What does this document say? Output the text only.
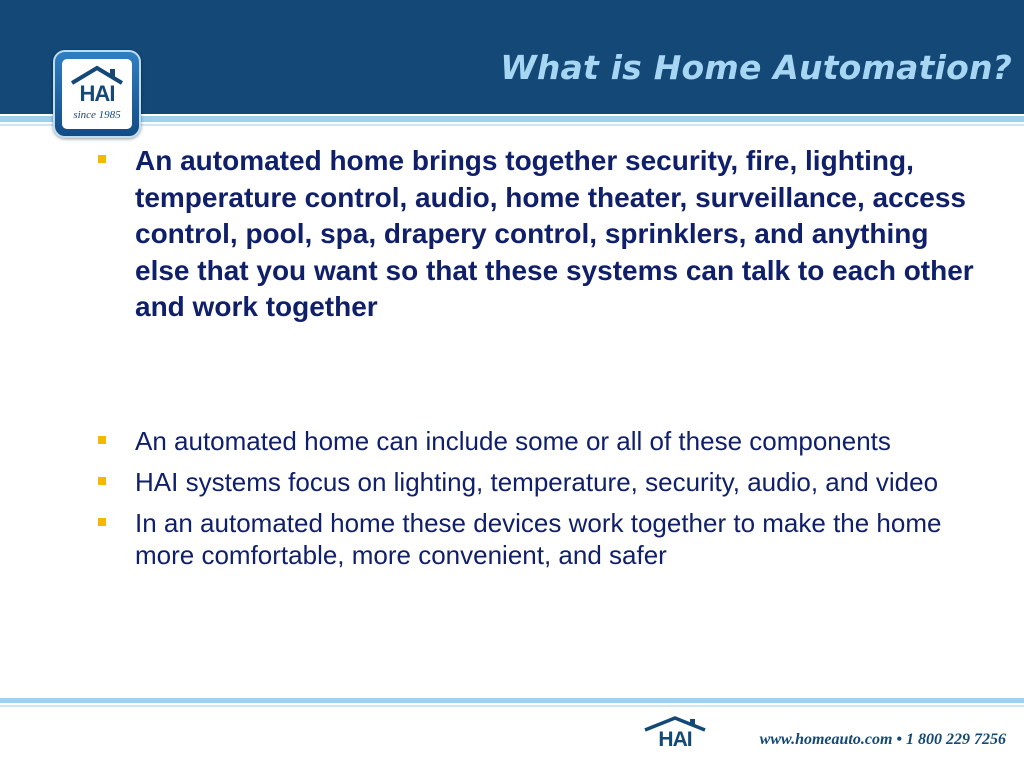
What is Home Automation?
HAI
since 1985
An automated home brings together security, fire, lighting, temperature control, audio, home theater, surveillance, access control, pool, spa, drapery control, sprinklers, and anything else that you want so that these systems can talk to each other and work together
An automated home can include some or all of these components
HAI systems focus on lighting, temperature, security, audio, and video
In an automated home these devices work together to make the home more comfortable, more convenient, and safer
HAI	www.homeauto.com • 1 800 229 7256
